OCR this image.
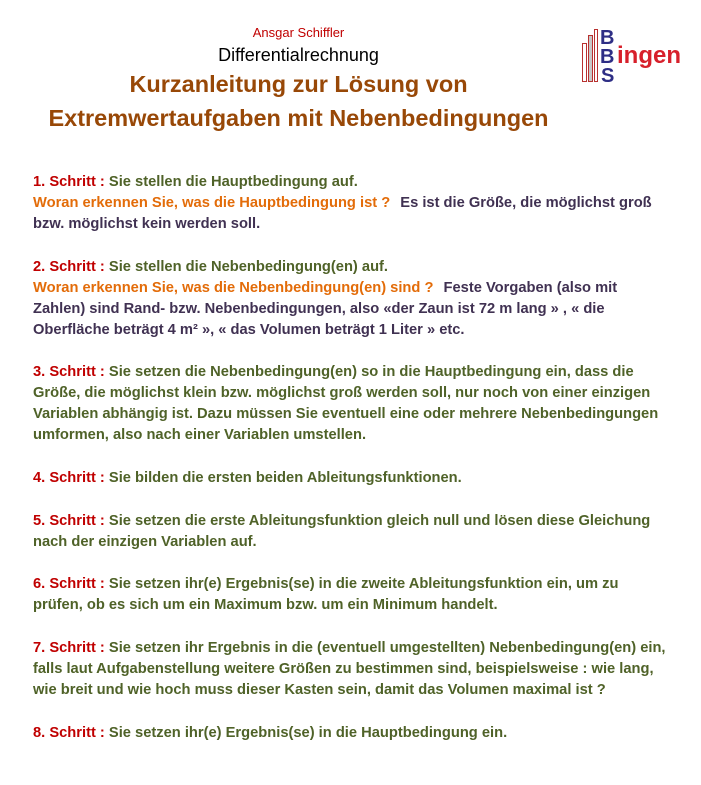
Ansgar Schiffler
Differentialrechnung
Kurzanleitung zur Lösung von
Extremwertaufgaben mit Nebenbedingungen
B
B
S
ingen
1. Schritt : Sie stellen die Hauptbedingung auf.
Woran erkennen Sie, was die Hauptbedingung ist ? Es ist die Größe, die möglichst groß
bzw. möglichst kein werden soll.
2. Schritt : Sie stellen die Nebenbedingung(en) auf.
Woran erkennen Sie, was die Nebenbedingung(en) sind ? Feste Vorgaben (also mit
Zahlen) sind Rand- bzw. Nebenbedingungen, also «der Zaun ist 72 m lang » , « die
Oberfläche beträgt 4 m² », « das Volumen beträgt 1 Liter » etc.
3. Schritt : Sie setzen die Nebenbedingung(en) so in die Hauptbedingung ein, dass die
Größe, die möglichst klein bzw. möglichst groß werden soll, nur noch von einer einzigen
Variablen abhängig ist. Dazu müssen Sie eventuell eine oder mehrere Nebenbedingungen
umformen, also nach einer Variablen umstellen.
4. Schritt : Sie bilden die ersten beiden Ableitungsfunktionen.
5. Schritt : Sie setzen die erste Ableitungsfunktion gleich null und lösen diese Gleichung
nach der einzigen Variablen auf.
6. Schritt : Sie setzen ihr(e) Ergebnis(se) in die zweite Ableitungsfunktion ein, um zu
prüfen, ob es sich um ein Maximum bzw. um ein Minimum handelt.
7. Schritt : Sie setzen ihr Ergebnis in die (eventuell umgestellten) Nebenbedingung(en) ein,
falls laut Aufgabenstellung weitere Größen zu bestimmen sind, beispielsweise : wie lang,
wie breit und wie hoch muss dieser Kasten sein, damit das Volumen maximal ist ?
8. Schritt : Sie setzen ihr(e) Ergebnis(se) in die Hauptbedingung ein.
